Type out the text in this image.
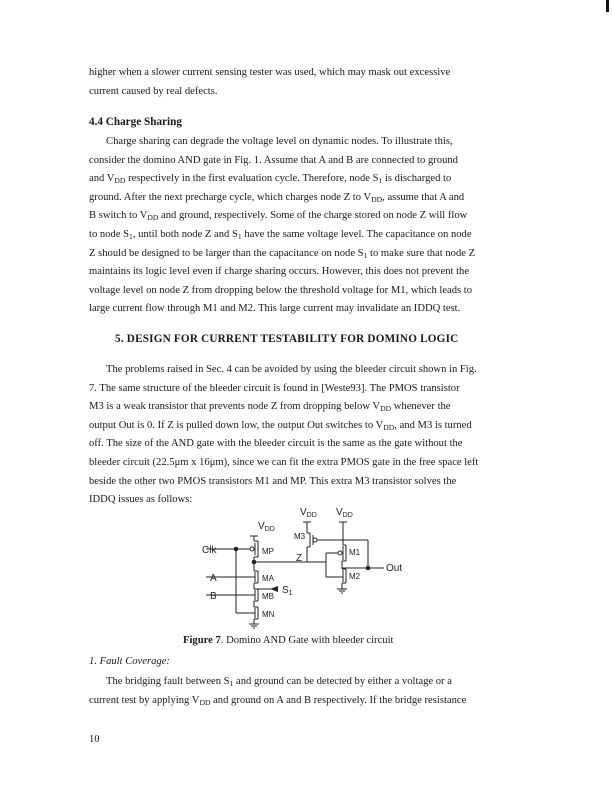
higher when a slower current sensing tester was used, which may mask out excessive
current caused by real defects.
4.4 Charge Sharing
Charge sharing can degrade the voltage level on dynamic nodes. To illustrate this,
consider the domino AND gate in Fig. 1. Assume that A and B are connected to ground
and $V_{DD}$ respectively in the first evaluation cycle. Therefore, node $S_1$ is discharged to
ground. After the next precharge cycle, which charges node Z to $V_{DD}$, assume that A and
B switch to $V_{DD}$ and ground, respectively. Some of the charge stored on node Z will flow
to node $S_1$, until both node Z and $S_1$ have the same voltage level. The capacitance on node
Z should be designed to be larger than the capacitance on node $S_1$ to make sure that node Z
maintains its logic level even if charge sharing occurs. However, this does not prevent the
voltage level on node Z from dropping below the threshold voltage for M1, which leads to
large current flow through M1 and M2. This large current may invalidate an IDDQ test.
5. DESIGN FOR CURRENT TESTABILITY FOR DOMINO LOGIC
The problems raised in Sec. 4 can be avoided by using the bleeder circuit shown in Fig.
7. The same structure of the bleeder circuit is found in [Weste93]. The PMOS transistor
M3 is a weak transistor that prevents node Z from dropping below $V_{DD}$ whenever the
output Out is 0. If Z is pulled down low, the output Out switches to $V_{DD}$, and M3 is turned
off. The size of the AND gate with the bleeder circuit is the same as the gate without the
bleeder circuit (22.5μm x 16μm), since we can fit the extra PMOS gate in the free space left
beside the other two PMOS transistors M1 and MP. This extra M3 transistor solves the
IDDQ issues as follows:
$V_{DD}$
$V_{DD}$ $V_{DD}$
Clk
A
B
Out
Z
$S_1$
MP
MA
MB
MN
M1
M2
M3
Figure 7. Domino AND Gate with bleeder circuit
1. Fault Coverage:
The bridging fault between $S_1$ and ground can be detected by either a voltage or a
current test by applying $V_{DD}$ and ground on A and B respectively. If the bridge resistance
10
